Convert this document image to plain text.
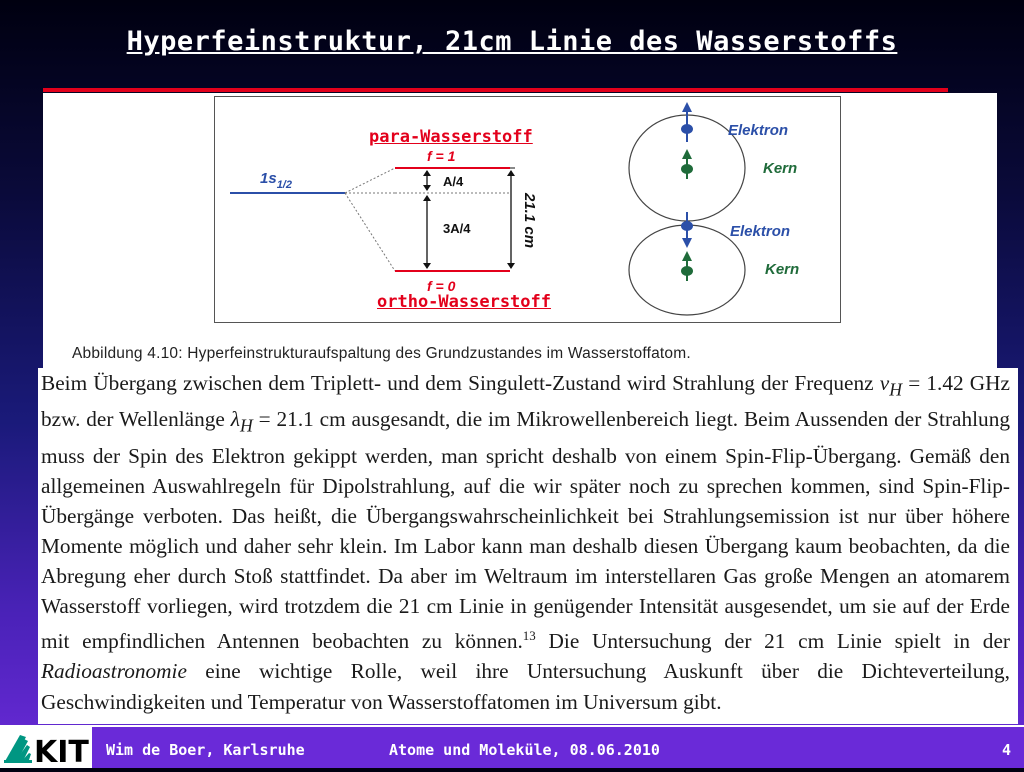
Hyperfeinstruktur, 21cm Linie des Wasserstoffs
$1s_{1/2}$
f = 1
f = 0
A/4
3A/4	21.1 cm
Elektron
Kern
Elektron
Kern
para-Wasserstoff
ortho-Wasserstoff
Abbildung 4.10: Hyperfeinstrukturaufspaltung des Grundzustandes im Wasserstoffatom.

Beim Übergang zwischen dem Triplett- und dem Singulett-Zustand wird Strahlung der Frequenz $\nu_H = 1.42$ GHz bzw. der Wellenlänge $\lambda_H = 21.1$ cm ausgesandt, die im Mikrowellenbereich liegt. Beim Aussenden der Strahlung muss der Spin des Elektron gekippt werden, man spricht deshalb von einem Spin-Flip-Übergang. Gemäß den allgemeinen Auswahlregeln für Dipolstrahlung, auf die wir später noch zu sprechen kommen, sind Spin-Flip-Übergänge verboten. Das heißt, die Übergangswahrscheinlichkeit bei Strahlungsemission ist nur über höhere Momente möglich und daher sehr klein. Im Labor kann man deshalb diesen Übergang kaum beobachten, da die Abregung eher durch Stoß stattfindet. Da aber im Weltraum im interstellaren Gas große Mengen an atomarem Wasserstoff vorliegen, wird trotzdem die 21 cm Linie in genügender Intensität ausgesendet, um sie auf der Erde mit empfindlichen Antennen beobachten zu können.$^{13}$ Die Untersuchung der 21 cm Linie spielt in der Radioastronomie eine wichtige Rolle, weil ihre Untersuchung Auskunft über die Dichteverteilung, Geschwindigkeiten und Temperatur von Wasserstoffatomen im Universum gibt.

KIT Wim de Boer, Karlsruhe	Atome und Moleküle, 08.06.2010	4
